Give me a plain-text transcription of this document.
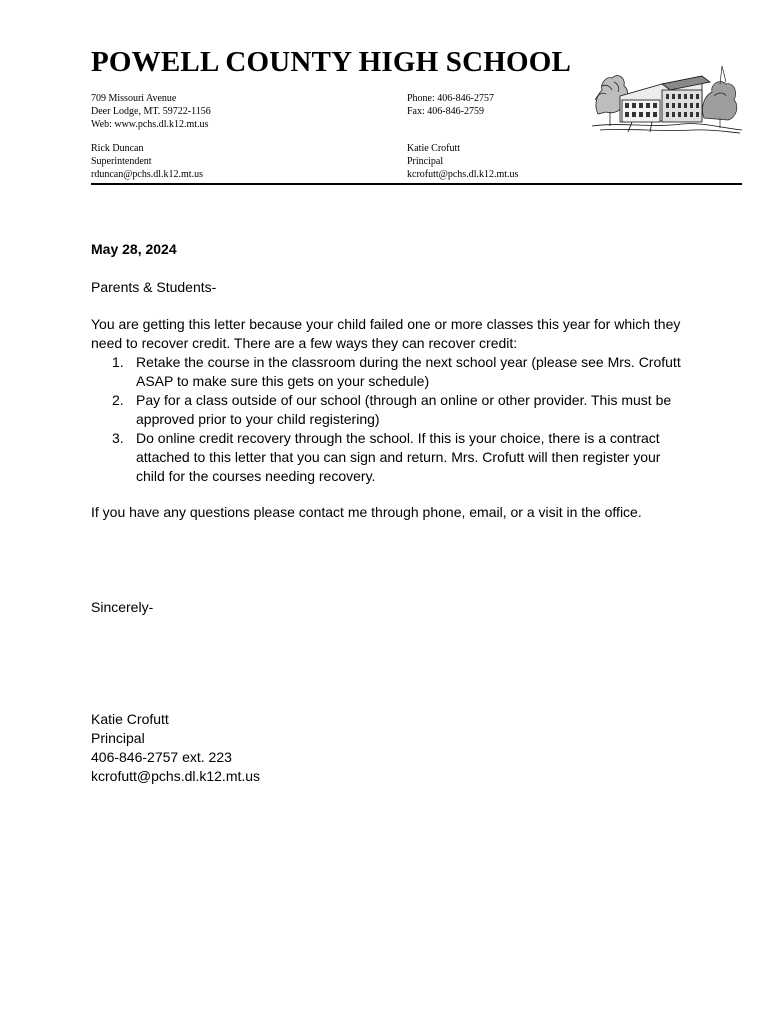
POWELL COUNTY HIGH SCHOOL
709 Missouri Avenue
Deer Lodge, MT. 59722-1156
Web: www.pchs.dl.k12.mt.us
Phone: 406-846-2757
Fax: 406-846-2759
Rick Duncan
Superintendent
rduncan@pchs.dl.k12.mt.us
Katie Crofutt
Principal
kcrofutt@pchs.dl.k12.mt.us
May 28, 2024
Parents & Students-
You are getting this letter because your child failed one or more classes this year for which they
need to recover credit. There are a few ways they can recover credit:
1. Retake the course in the classroom during the next school year (please see Mrs. Crofutt
ASAP to make sure this gets on your schedule)
2. Pay for a class outside of our school (through an online or other provider. This must be
approved prior to your child registering)
3. Do online credit recovery through the school. If this is your choice, there is a contract
attached to this letter that you can sign and return. Mrs. Crofutt will then register your
child for the courses needing recovery.
If you have any questions please contact me through phone, email, or a visit in the office.
Sincerely-
Katie Crofutt
Principal
406-846-2757 ext. 223
kcrofutt@pchs.dl.k12.mt.us
